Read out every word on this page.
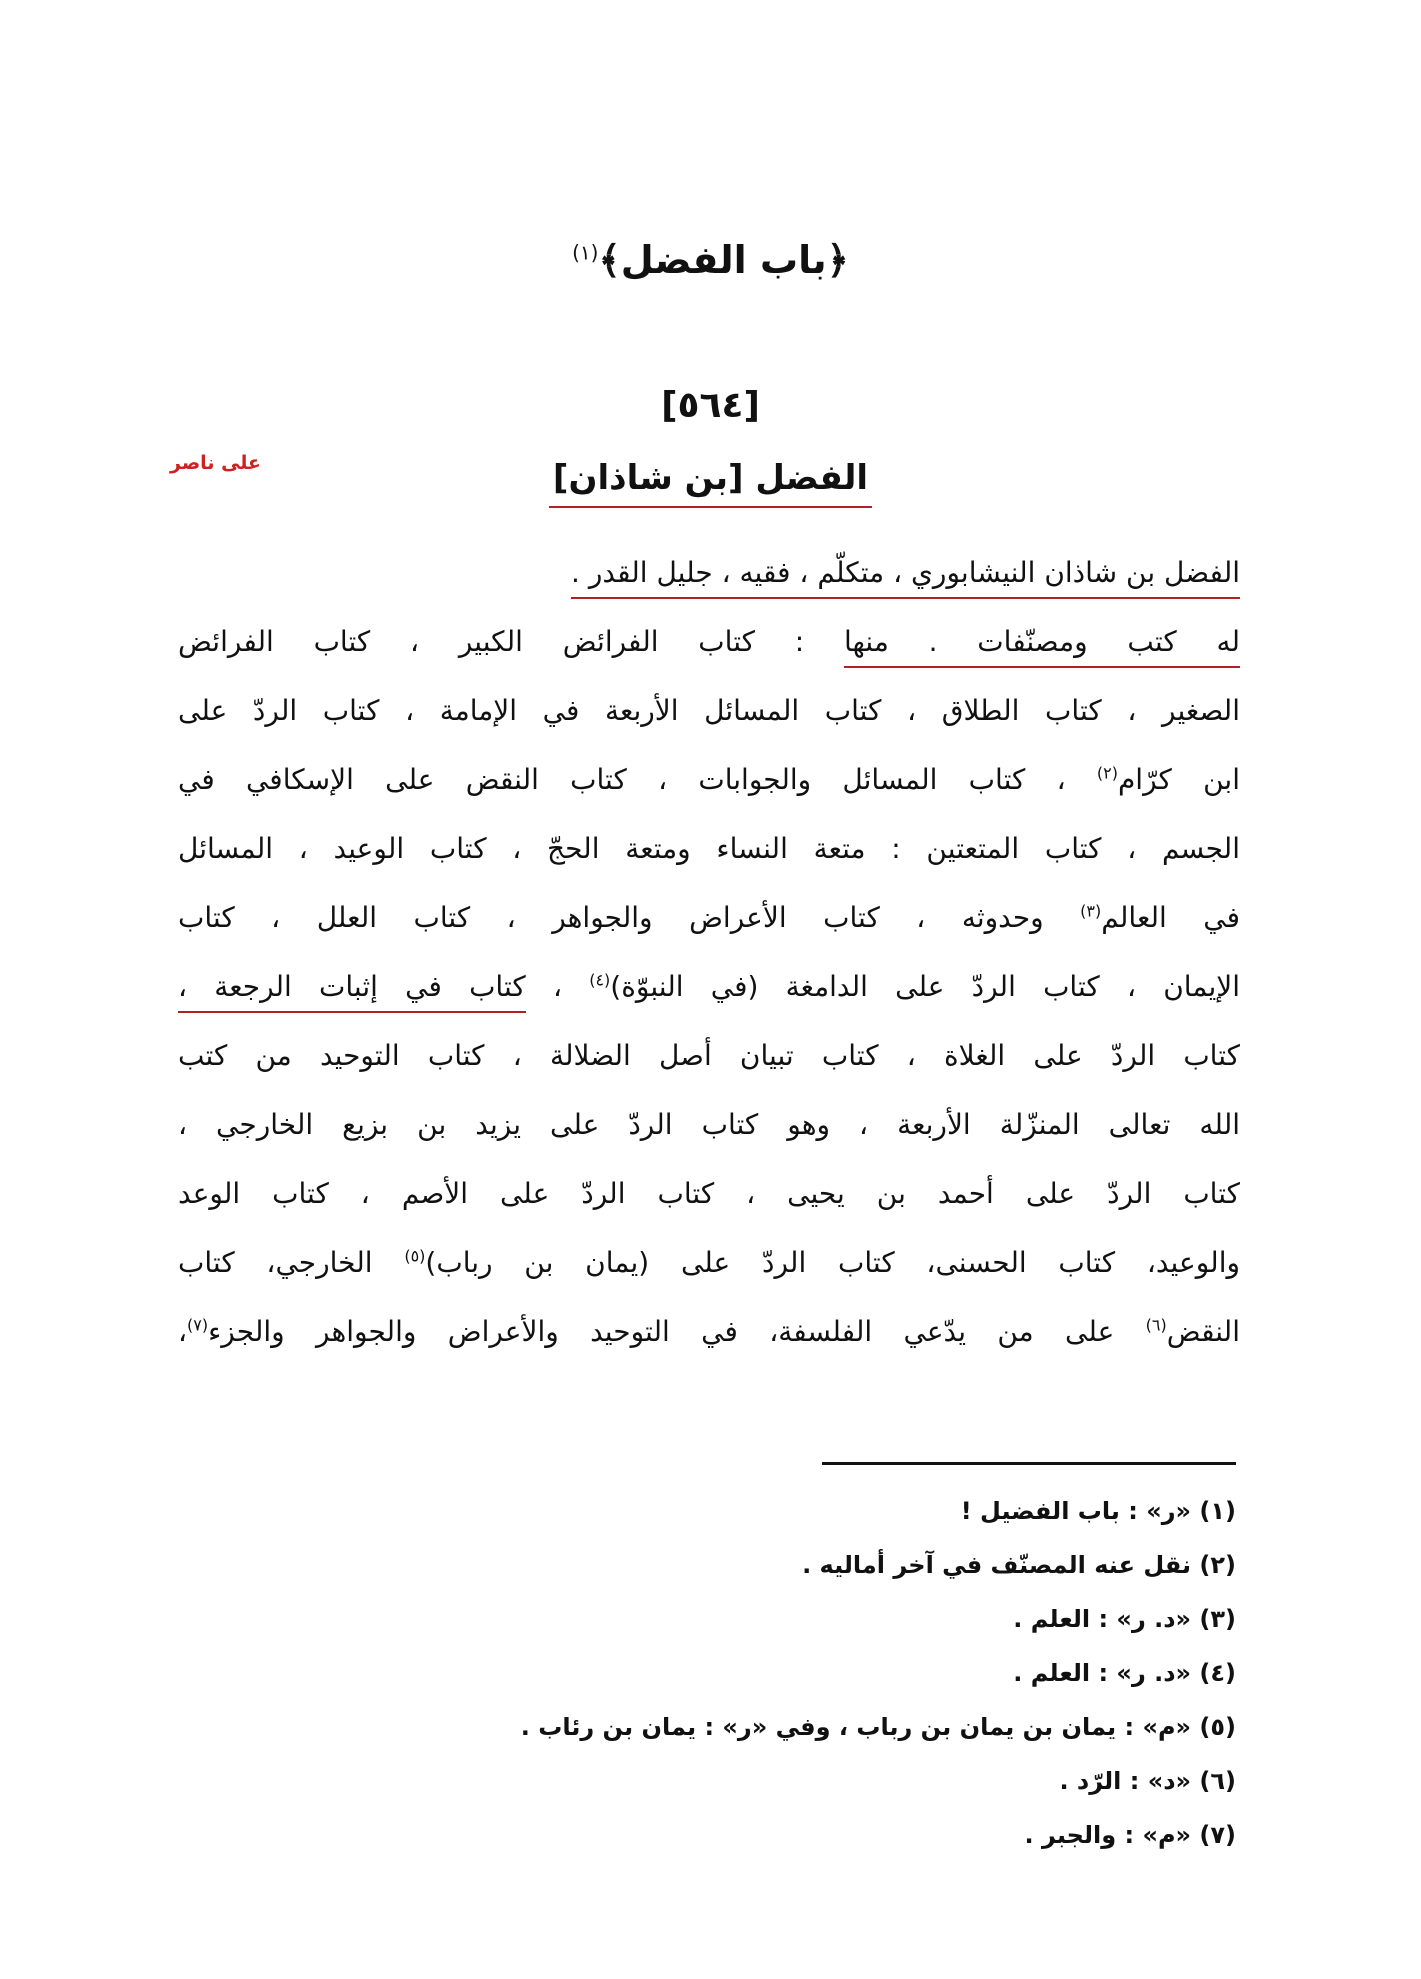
﴿باب الفضل﴾$^{(١)}$
[٥٦٤]
الفضل [بن شاذان]
على ناصر
الفضل بن شاذان النيشابوري ، متكلّم ، فقيه ، جليل القدر .
له كتب ومصنّفات . منها : كتاب الفرائض الكبير ، كتاب الفرائض
الصغير ، كتاب الطلاق ، كتاب المسائل الأربعة في الإمامة ، كتاب الردّ على
ابن كرّام$^{(٢)}$ ، كتاب المسائل والجوابات ، كتاب النقض على الإسكافي في
الجسم ، كتاب المتعتين : متعة النساء ومتعة الحجّ ، كتاب الوعيد ، المسائل
في العالم$^{(٣)}$ وحدوثه ، كتاب الأعراض والجواهر ، كتاب العلل ، كتاب
الإيمان ، كتاب الردّ على الدامغة (في النبوّة)$^{(٤)}$ ، كتاب في إثبات الرجعة ،
كتاب الردّ على الغلاة ، كتاب تبيان أصل الضلالة ، كتاب التوحيد من كتب
الله تعالى المنزّلة الأربعة ، وهو كتاب الردّ على يزيد بن بزيع الخارجي ،
كتاب الردّ على أحمد بن يحيى ، كتاب الردّ على الأصم ، كتاب الوعد
والوعيد، كتاب الحسنى، كتاب الردّ على (يمان بن رباب)$^{(٥)}$ الخارجي، كتاب
النقض$^{(٦)}$ على من يدّعي الفلسفة، في التوحيد والأعراض والجواهر والجزء$^{(٧)}$،
(١) «ر» : باب الفضيل !
(٢) نقل عنه المصنّف في آخر أماليه .
(٣) «د. ر» : العلم .
(٤) «د. ر» : العلم .
(٥) «م» : يمان بن يمان بن رباب ، وفي «ر» : يمان بن رئاب .
(٦) «د» : الرّد .
(٧) «م» : والجبر .
